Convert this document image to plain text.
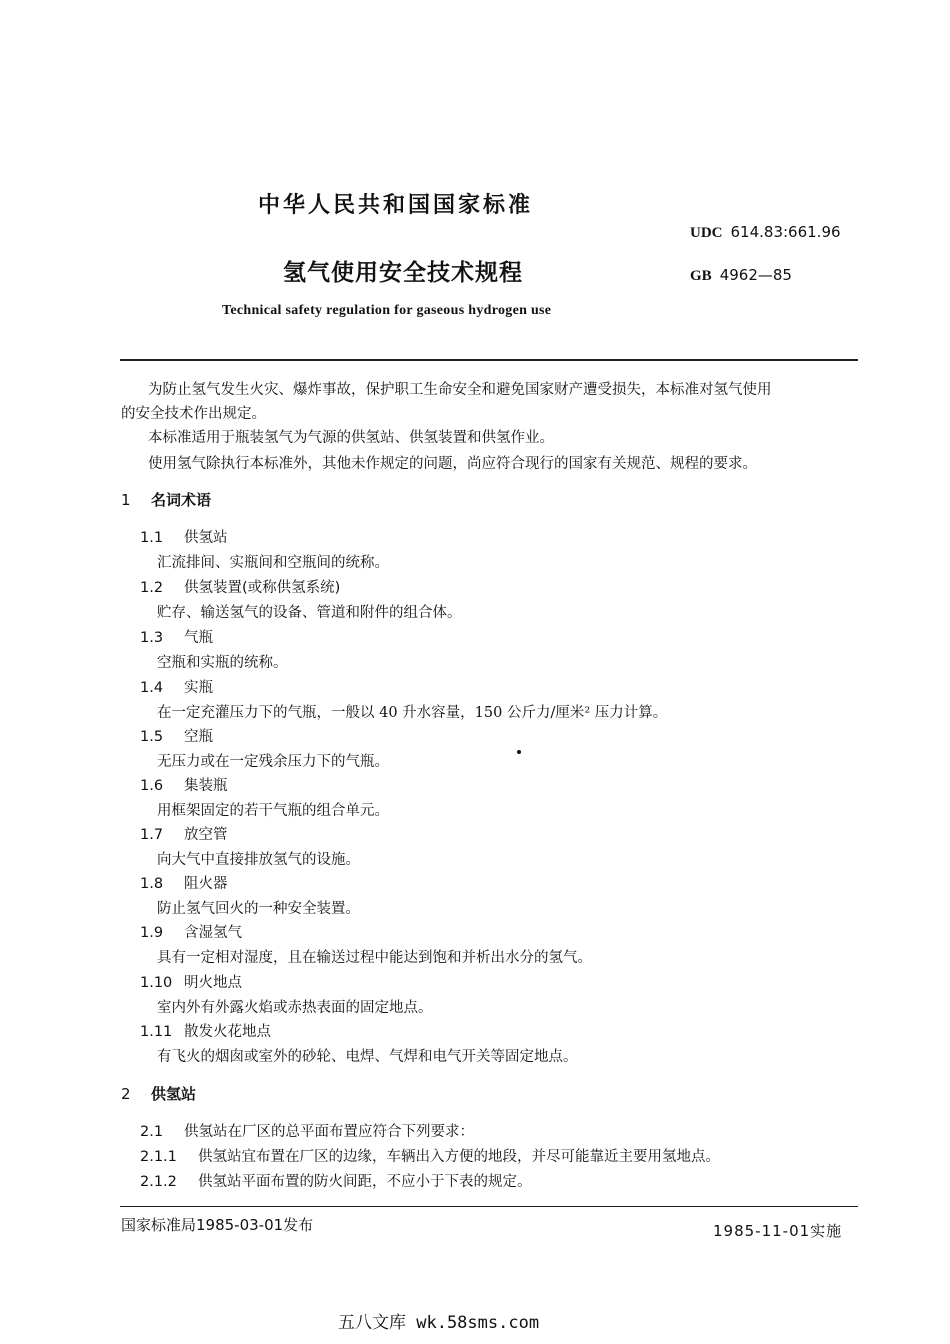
中华人民共和国国家标准
UDC 614.83:661.96
氢气使用安全技术规程	GB 4962—85
Technical safety regulation for gaseous hydrogen use
为防止氢气发生火灾、爆炸事故，保护职工生命安全和避免国家财产遭受损失，本标准对氢气使用
的安全技术作出规定。
本标准适用于瓶装氢气为气源的供氢站、供氢装置和供氢作业。
使用氢气除执行本标准外，其他未作规定的问题，尚应符合现行的国家有关规范、规程的要求。
1 名词术语
1.1 供氢站
汇流排间、实瓶间和空瓶间的统称。
1.2 供氢装置(或称供氢系统)
贮存、输送氢气的设备、管道和附件的组合体。
1.3 气瓶
空瓶和实瓶的统称。
1.4 实瓶
在一定充灌压力下的气瓶，一般以 40 升水容量，150 公斤力/厘米² 压力计算。
1.5 空瓶
无压力或在一定残余压力下的气瓶。
1.6 集装瓶
用框架固定的若干气瓶的组合单元。
1.7 放空管
向大气中直接排放氢气的设施。
1.8 阻火器
防止氢气回火的一种安全装置。
1.9 含湿氢气
具有一定相对湿度，且在输送过程中能达到饱和并析出水分的氢气。
1.10 明火地点
室内外有外露火焰或赤热表面的固定地点。
1.11 散发火花地点
有飞火的烟囱或室外的砂轮、电焊、气焊和电气开关等固定地点。
2 供氢站
2.1 供氢站在厂区的总平面布置应符合下列要求：
2.1.1 供氢站宜布置在厂区的边缘，车辆出入方便的地段，并尽可能靠近主要用氢地点。
2.1.2 供氢站平面布置的防火间距，不应小于下表的规定。
国家标准局1985-03-01发布	1985-11-01实施
五八文库 wk.58sms.com
